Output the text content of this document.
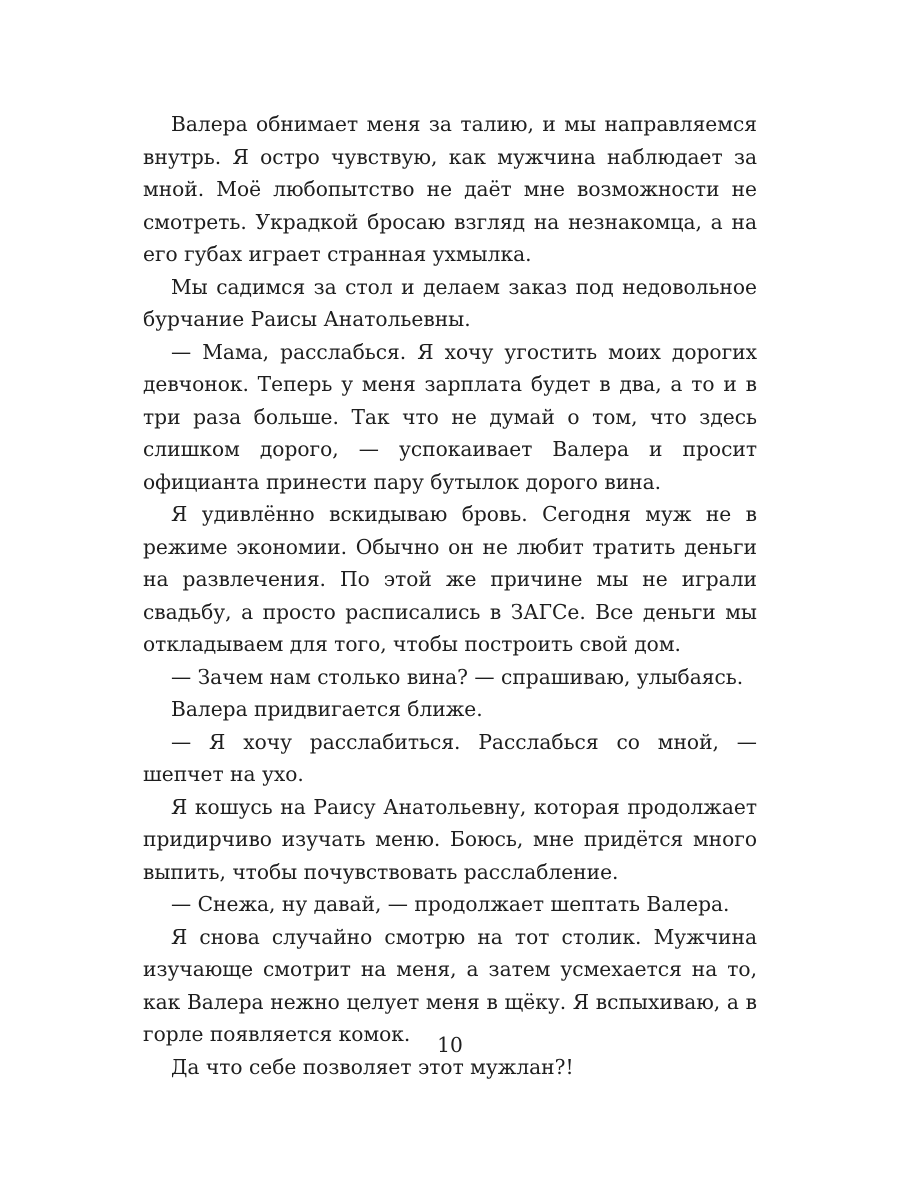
Валера обнимает меня за талию, и мы направляемся внутрь. Я остро чувствую, как мужчина наблюдает за мной. Моё любопытство не даёт мне возможности не смотреть. Украдкой бросаю взгляд на незнакомца, а на его губах играет странная ухмылка.

Мы садимся за стол и делаем заказ под недовольное бурчание Раисы Анатольевны.

— Мама, расслабься. Я хочу угостить моих дорогих девчонок. Теперь у меня зарплата будет в два, а то и в три раза больше. Так что не думай о том, что здесь слишком дорого, — успокаивает Валера и просит официанта принести пару бутылок дорого вина.

Я удивлённо вскидываю бровь. Сегодня муж не в режиме экономии. Обычно он не любит тратить деньги на развлечения. По этой же причине мы не играли свадьбу, а просто расписались в ЗАГСе. Все деньги мы откладываем для того, чтобы построить свой дом.

— Зачем нам столько вина? — спрашиваю, улыбаясь.

Валера придвигается ближе.

— Я хочу расслабиться. Расслабься со мной, — шепчет на ухо.

Я кошусь на Раису Анатольевну, которая продолжает придирчиво изучать меню. Боюсь, мне придётся много выпить, чтобы почувствовать расслабление.

— Снежа, ну давай, — продолжает шептать Валера.

Я снова случайно смотрю на тот столик. Мужчина изучающе смотрит на меня, а затем усмехается на то, как Валера нежно целует меня в щёку. Я вспыхиваю, а в горле появляется комок.

Да что себе позволяет этот мужлан?!

10
